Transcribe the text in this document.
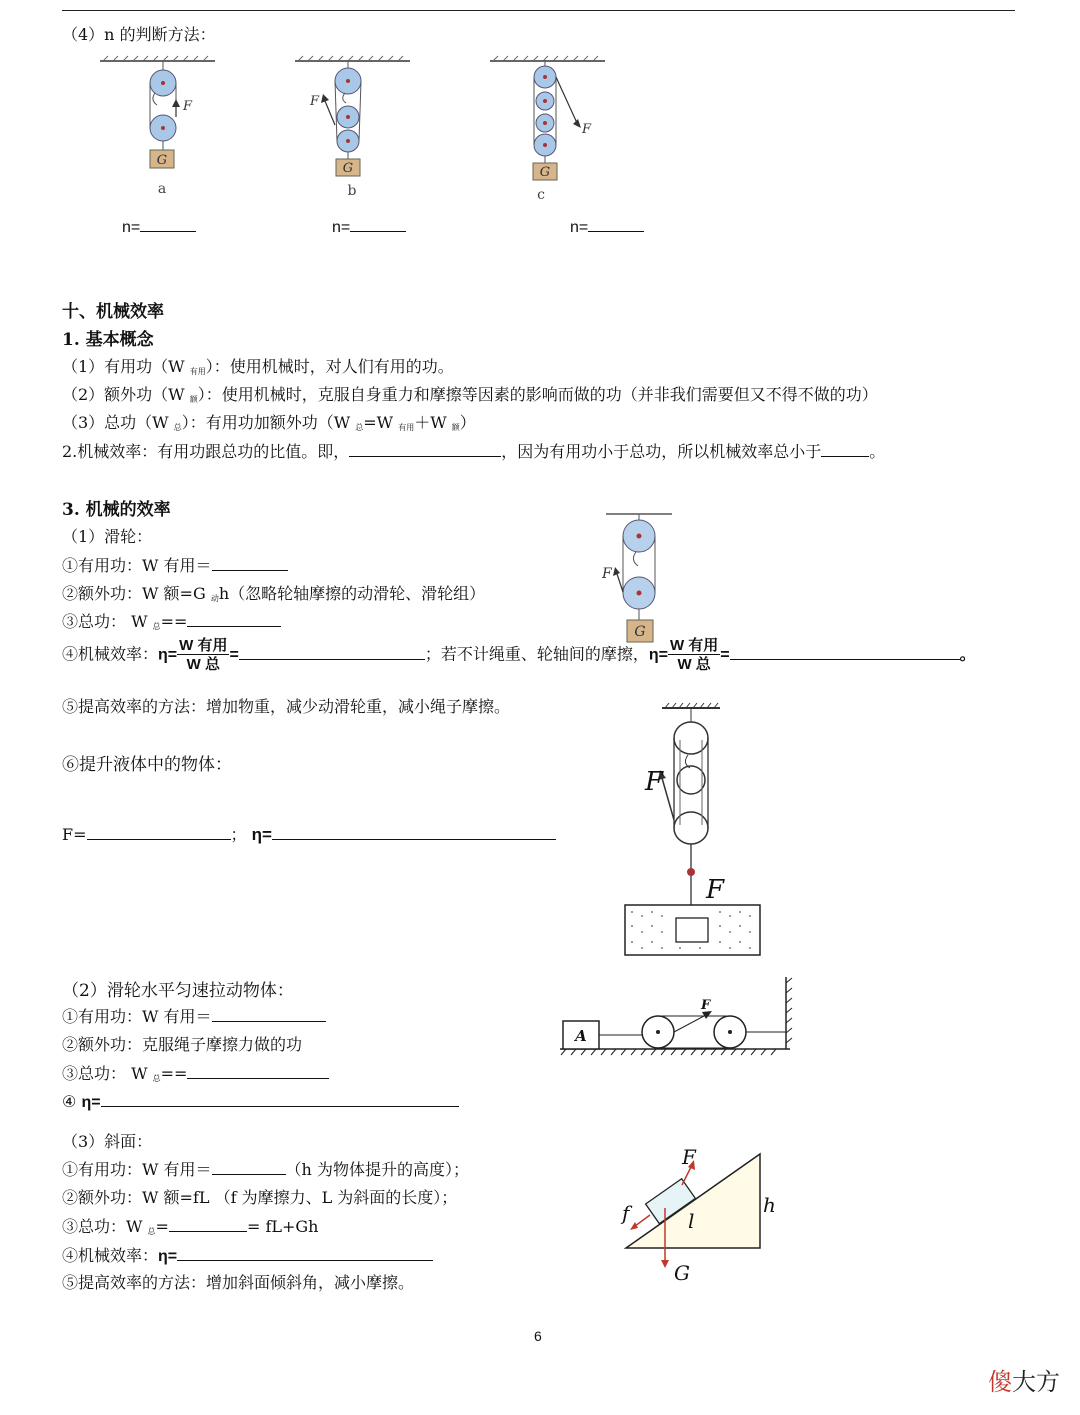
（4）n 的判断方法：
G
F
a
G
F
b
G
F
c
n=	n=	n=
十、机械效率
1. 基本概念
（1）有用功（W $_{有用}$）：使用机械时，对人们有用的功。
（2）额外功（W $_额$）：使用机械时，克服自身重力和摩擦等因素的影响而做的功（并非我们需要但又不得不做的功）
（3）总功（W $_总$）：有用功加额外功（W $_总$=W $_{有用}$＋W $_额$）
2.机械效率：有用功跟总功的比值。即，	，因为有用功小于总功，所以机械效率总小于	。
3. 机械的效率
（1）滑轮：
①有用功：W 有用＝
②额外功：W 额=G $_动$h（忽略轮轴摩擦的动滑轮、滑轮组）
③总功： W $_总$==
④机械效率：$\eta= \frac{\text{W 有用}}{\text{W 总}}$ =	；若不计绳重、轮轴间的摩擦，$\eta= \frac{\text{W 有用}}{\text{W 总}}$ =	。
⑤提高效率的方法：增加物重，减少动滑轮重，减小绳子摩擦。
⑥提升液体中的物体：
F=	； η=
G
F
F
F
（2）滑轮水平匀速拉动物体：
①有用功：W 有用＝
②额外功：克服绳子摩擦力做的功
③总功： W $_总$==
④ η=
A
F
（3）斜面：
①有用功：W 有用＝	（h 为物体提升的高度）；
②额外功：W 额=fL （f 为摩擦力、L 为斜面的长度）；
③总功：W $_总$=	= fL+Gh
④机械效率：η=
⑤提高效率的方法：增加斜面倾斜角，减小摩擦。
F
f	l
h
G
6
傻大方
